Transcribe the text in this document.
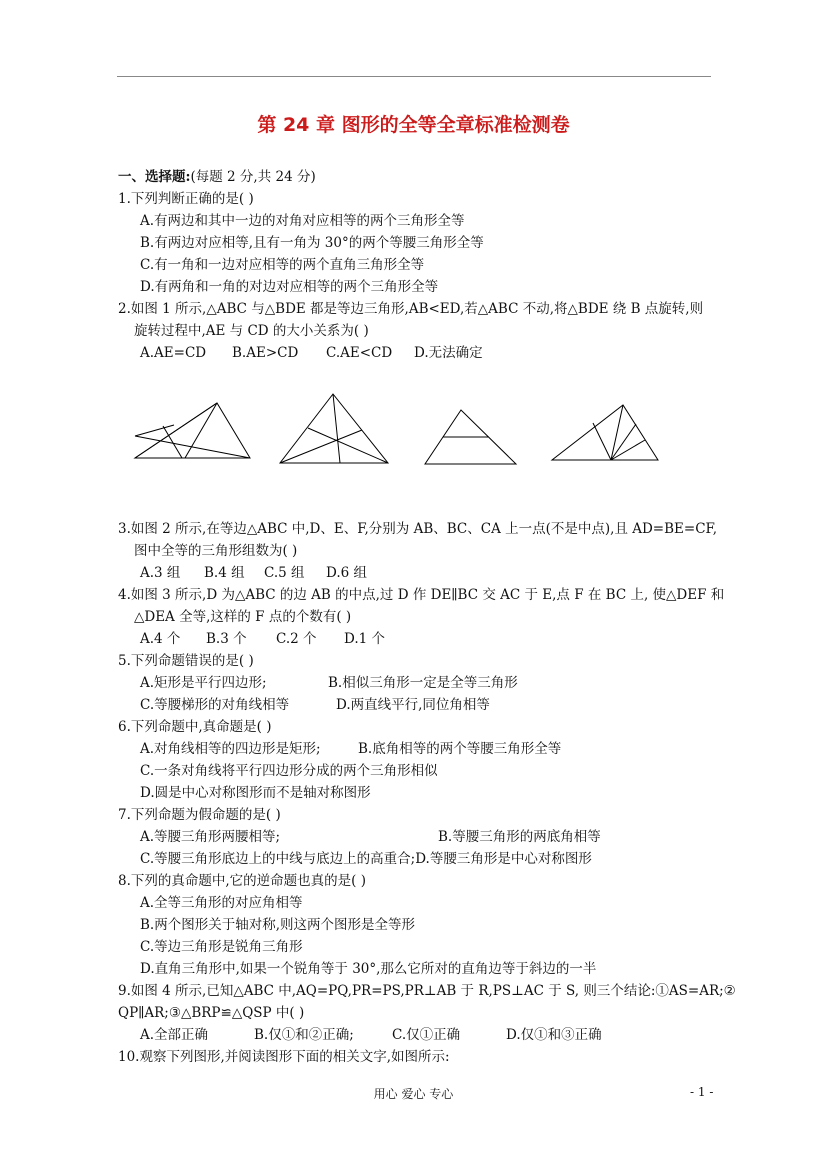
第 24 章 图形的全等全章标准检测卷
一、选择题:(每题 2 分,共 24 分)
1.下列判断正确的是( )
A.有两边和其中一边的对角对应相等的两个三角形全等
B.有两边对应相等,且有一角为 30°的两个等腰三角形全等
C.有一角和一边对应相等的两个直角三角形全等
D.有两角和一角的对边对应相等的两个三角形全等
2.如图 1 所示,△ABC 与△BDE 都是等边三角形,AB<ED,若△ABC 不动,将△BDE 绕 B 点旋转,则
旋转过程中,AE 与 CD 的大小关系为( )
A.AE=CD B.AE>CD C.AE<CD D.无法确定
3.如图 2 所示,在等边△ABC 中,D、E、F,分别为 AB、BC、CA 上一点(不是中点),且 AD=BE=CF,
图中全等的三角形组数为( )
A.3 组 B.4 组 C.5 组 D.6 组
4.如图 3 所示,D 为△ABC 的边 AB 的中点,过 D 作 DE∥BC 交 AC 于 E,点 F 在 BC 上, 使△DEF 和
△DEA 全等,这样的 F 点的个数有( )
A.4 个 B.3 个 C.2 个 D.1 个
5.下列命题错误的是( )
A.矩形是平行四边形;	B.相似三角形一定是全等三角形
C.等腰梯形的对角线相等	D.两直线平行,同位角相等
6.下列命题中,真命题是( )
A.对角线相等的四边形是矩形;	B.底角相等的两个等腰三角形全等
C.一条对角线将平行四边形分成的两个三角形相似
D.圆是中心对称图形而不是轴对称图形
7.下列命题为假命题的是( )
A.等腰三角形两腰相等;	B.等腰三角形的两底角相等
C.等腰三角形底边上的中线与底边上的高重合;D.等腰三角形是中心对称图形
8.下列的真命题中,它的逆命题也真的是( )
A.全等三角形的对应角相等
B.两个图形关于轴对称,则这两个图形是全等形
C.等边三角形是锐角三角形
D.直角三角形中,如果一个锐角等于 30°,那么它所对的直角边等于斜边的一半
9.如图 4 所示,已知△ABC 中,AQ=PQ,PR=PS,PR⊥AB 于 R,PS⊥AC 于 S, 则三个结论:①AS=AR;②
QP∥AR;③△BRP≌△QSP 中( )
A.全部正确	B.仅①和②正确;	C.仅①正确	D.仅①和③正确
10.观察下列图形,并阅读图形下面的相关文字,如图所示:
用心 爱心 专心	- 1 -
